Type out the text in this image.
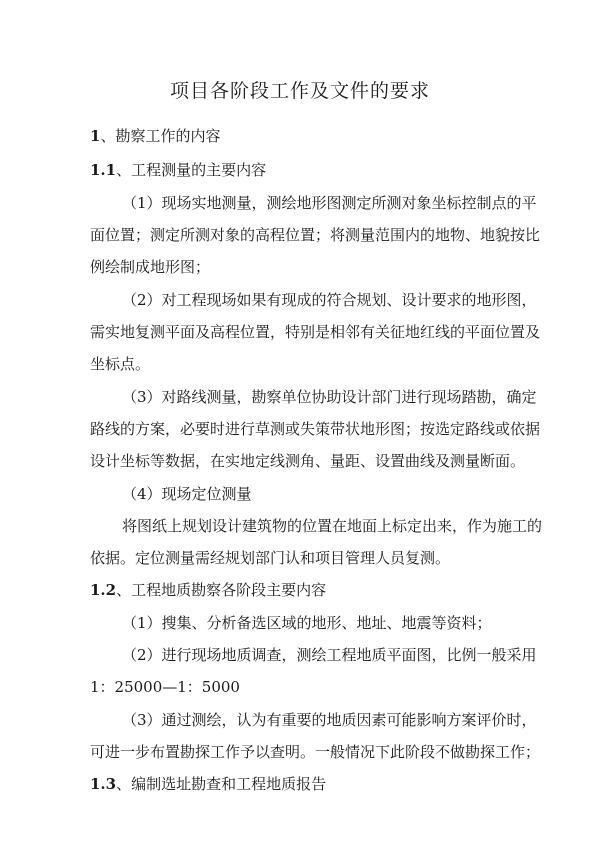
项目各阶段工作及文件的要求
1、勘察工作的内容
1.1、工程测量的主要内容
（1）现场实地测量，测绘地形图测定所测对象坐标控制点的平
面位置；测定所测对象的高程位置；将测量范围内的地物、地貌按比
例绘制成地形图；
（2）对工程现场如果有现成的符合规划、设计要求的地形图，
需实地复测平面及高程位置，特别是相邻有关征地红线的平面位置及
坐标点。
（3）对路线测量，勘察单位协助设计部门进行现场踏勘，确定
路线的方案，必要时进行草测或失策带状地形图；按选定路线或依据
设计坐标等数据，在实地定线测角、量距、设置曲线及测量断面。
（4）现场定位测量
将图纸上规划设计建筑物的位置在地面上标定出来，作为施工的
依据。定位测量需经规划部门认和项目管理人员复测。
1.2、工程地质勘察各阶段主要内容
（1）搜集、分析备选区域的地形、地址、地震等资料；
（2）进行现场地质调查，测绘工程地质平面图，比例一般采用
1：25000—1：5000
（3）通过测绘，认为有重要的地质因素可能影响方案评价时，
可进一步布置勘探工作予以查明。一般情况下此阶段不做勘探工作；
1.3、编制选址勘查和工程地质报告
